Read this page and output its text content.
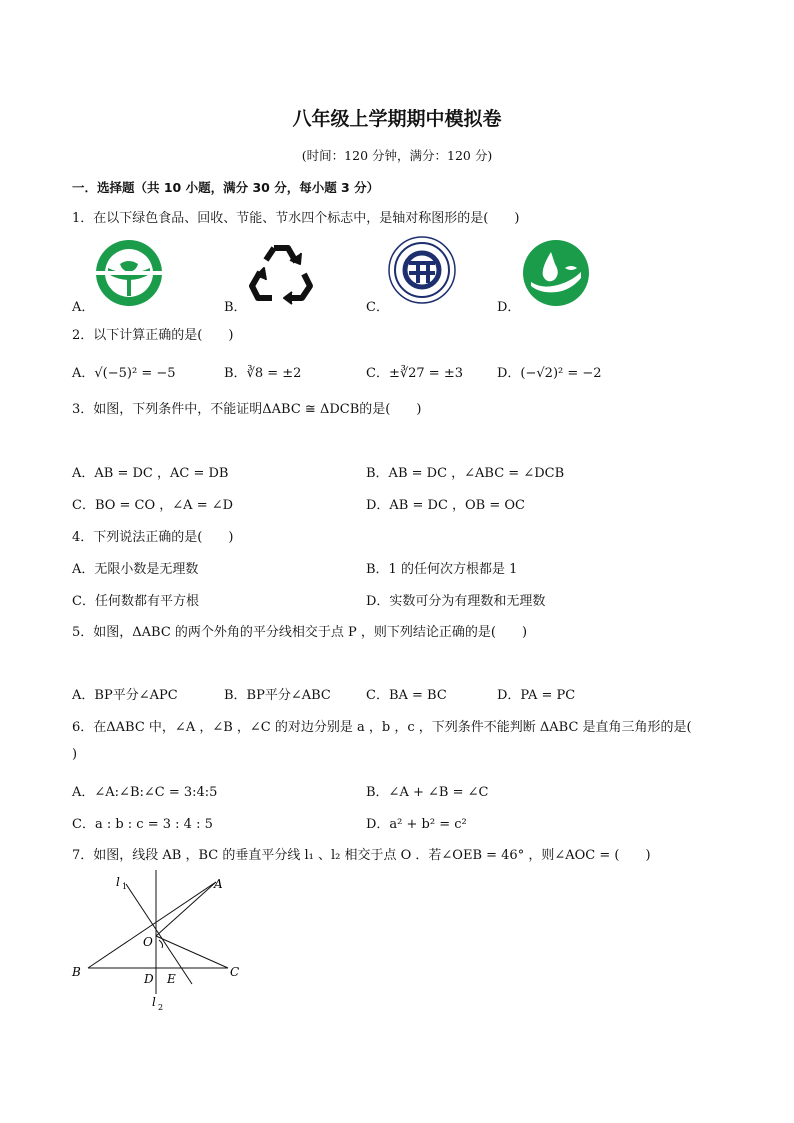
八年级上学期期中模拟卷
(时间：120 分钟，满分：120 分)
一．选择题（共 10 小题，满分 30 分，每小题 3 分）
1．在以下绿色食品、回收、节能、节水四个标志中，是轴对称图形的是(　　)
A．	B．	C．	D．
2．以下计算正确的是(　　)
A．√(−5)² = −5	B．∛8 = ±2	C．±∛27 = ±3	D．(−√2)² = −2
3．如图，下列条件中，不能证明ΔABC ≅ ΔDCB的是(　　)
A．AB = DC ，AC = DB	B．AB = DC ，∠ABC = ∠DCB
C．BO = CO ，∠A = ∠D	D．AB = DC ，OB = OC
4．下列说法正确的是(　　)
A．无限小数是无理数	B．1 的任何次方根都是 1
C．任何数都有平方根	D．实数可分为有理数和无理数
5．如图，ΔABC 的两个外角的平分线相交于点 P ，则下列结论正确的是(　　)
A．BP平分∠APC	B．BP平分∠ABC	C．BA = BC	D．PA = PC
6．在ΔABC 中，∠A ，∠B ，∠C 的对边分别是 a ，b ，c ，下列条件不能判断 ΔABC 是直角三角形的是(
)
A．∠A:∠B:∠C = 3:4:5	B．∠A + ∠B = ∠C
C．a : b : c = 3 : 4 : 5	D．a² + b² = c²
7．如图，线段 AB ，BC 的垂直平分线 l₁ 、l₂ 相交于点 O ．若∠OEB = 46° ，则∠AOC = (　　)
l 1	A
O
B	D E	C
l 2
